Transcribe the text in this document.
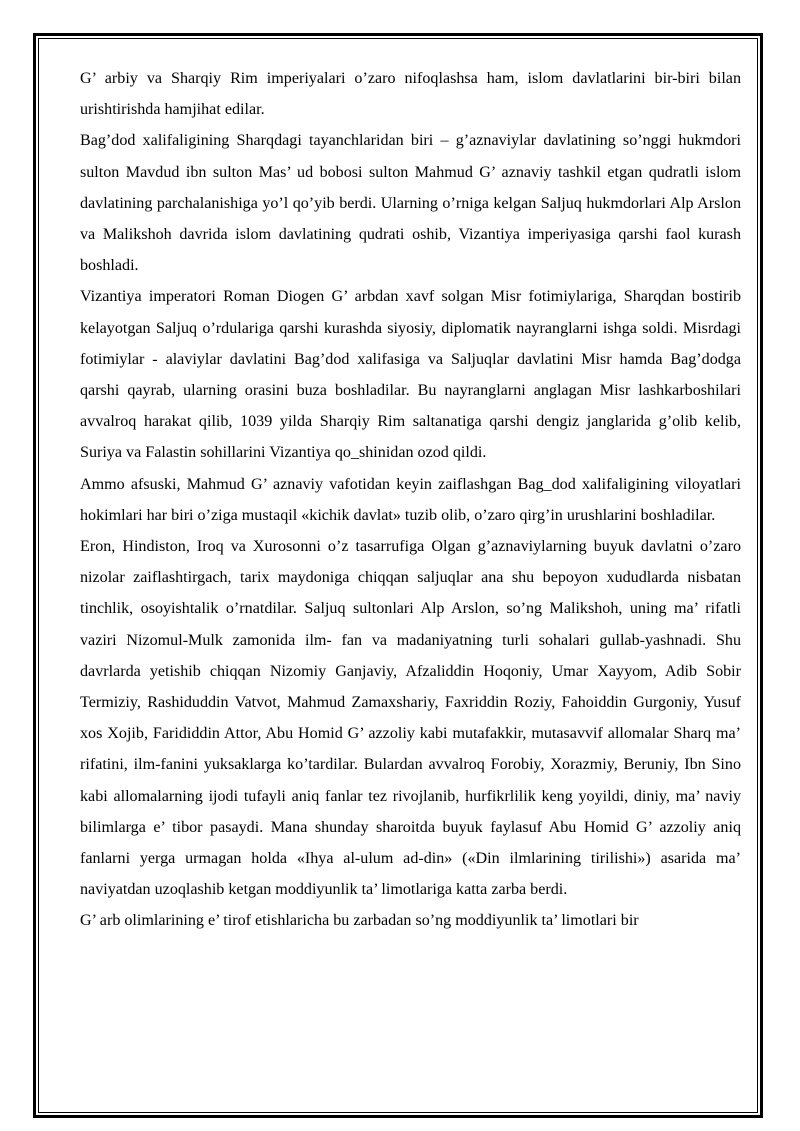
G’ arbiy va Sharqiy Rim imperiyalari o’zaro nifoqlashsa ham, islom davlatlarini bir-biri bilan urishtirishda hamjihat edilar.

Bag’dod xalifaligining Sharqdagi tayanchlaridan biri – g’aznaviylar davlatining so’nggi hukmdori sulton Mavdud ibn sulton Mas’ ud bobosi sulton Mahmud G’ aznaviy tashkil etgan qudratli islom davlatining parchalanishiga yo’l qo’yib berdi. Ularning o’rniga kelgan Saljuq hukmdorlari Alp Arslon va Malikshoh davrida islom davlatining qudrati oshib, Vizantiya imperiyasiga qarshi faol kurash boshladi.

Vizantiya imperatori Roman Diogen G’ arbdan xavf solgan Misr fotimiylariga, Sharqdan bostirib kelayotgan Saljuq o’rdulariga qarshi kurashda siyosiy, diplomatik nayranglarni ishga soldi. Misrdagi fotimiylar - alaviylar davlatini Bag’dod xalifasiga va Saljuqlar davlatini Misr hamda Bag’dodga qarshi qayrab, ularning orasini buza boshladilar. Bu nayranglarni anglagan Misr lashkarboshilari avvalroq harakat qilib, 1039 yilda Sharqiy Rim saltanatiga qarshi dengiz janglarida g’olib kelib, Suriya va Falastin sohillarini Vizantiya qo_shinidan ozod qildi.

Ammo afsuski, Mahmud G’ aznaviy vafotidan keyin zaiflashgan Bag_dod xalifaligining viloyatlari hokimlari har biri o’ziga mustaqil «kichik davlat» tuzib olib, o’zaro qirg’in urushlarini boshladilar.

Eron, Hindiston, Iroq va Xurosonni o’z tasarrufiga Olgan g’aznaviylarning buyuk davlatni o’zaro nizolar zaiflashtirgach, tarix maydoniga chiqqan saljuqlar ana shu bepoyon xududlarda nisbatan tinchlik, osoyishtalik o’rnatdilar. Saljuq sultonlari Alp Arslon, so’ng Malikshoh, uning ma’ rifatli vaziri Nizomul-Mulk zamonida ilm- fan va madaniyatning turli sohalari gullab-yashnadi. Shu davrlarda yetishib chiqqan Nizomiy Ganjaviy, Afzaliddin Hoqoniy, Umar Xayyom, Adib Sobir Termiziy, Rashiduddin Vatvot, Mahmud Zamaxshariy, Faxriddin Roziy, Fahoiddin Gurgoniy, Yusuf xos Xojib, Farididdin Attor, Abu Homid G’ azzoliy kabi mutafakkir, mutasavvif allomalar Sharq ma’ rifatini, ilm-fanini yuksaklarga ko’tardilar. Bulardan avvalroq Forobiy, Xorazmiy, Beruniy, Ibn Sino kabi allomalarning ijodi tufayli aniq fanlar tez rivojlanib, hurfikrlilik keng yoyildi, diniy, ma’ naviy bilimlarga e’ tibor pasaydi. Mana shunday sharoitda buyuk faylasuf Abu Homid G’ azzoliy aniq fanlarni yerga urmagan holda «Ihya al-ulum ad-din» («Din ilmlarining tirilishi») asarida ma’ naviyatdan uzoqlashib ketgan moddiyunlik ta’ limotlariga katta zarba berdi.

G’ arb olimlarining e’ tirof etishlaricha bu zarbadan so’ng moddiyunlik ta’ limotlari bir
